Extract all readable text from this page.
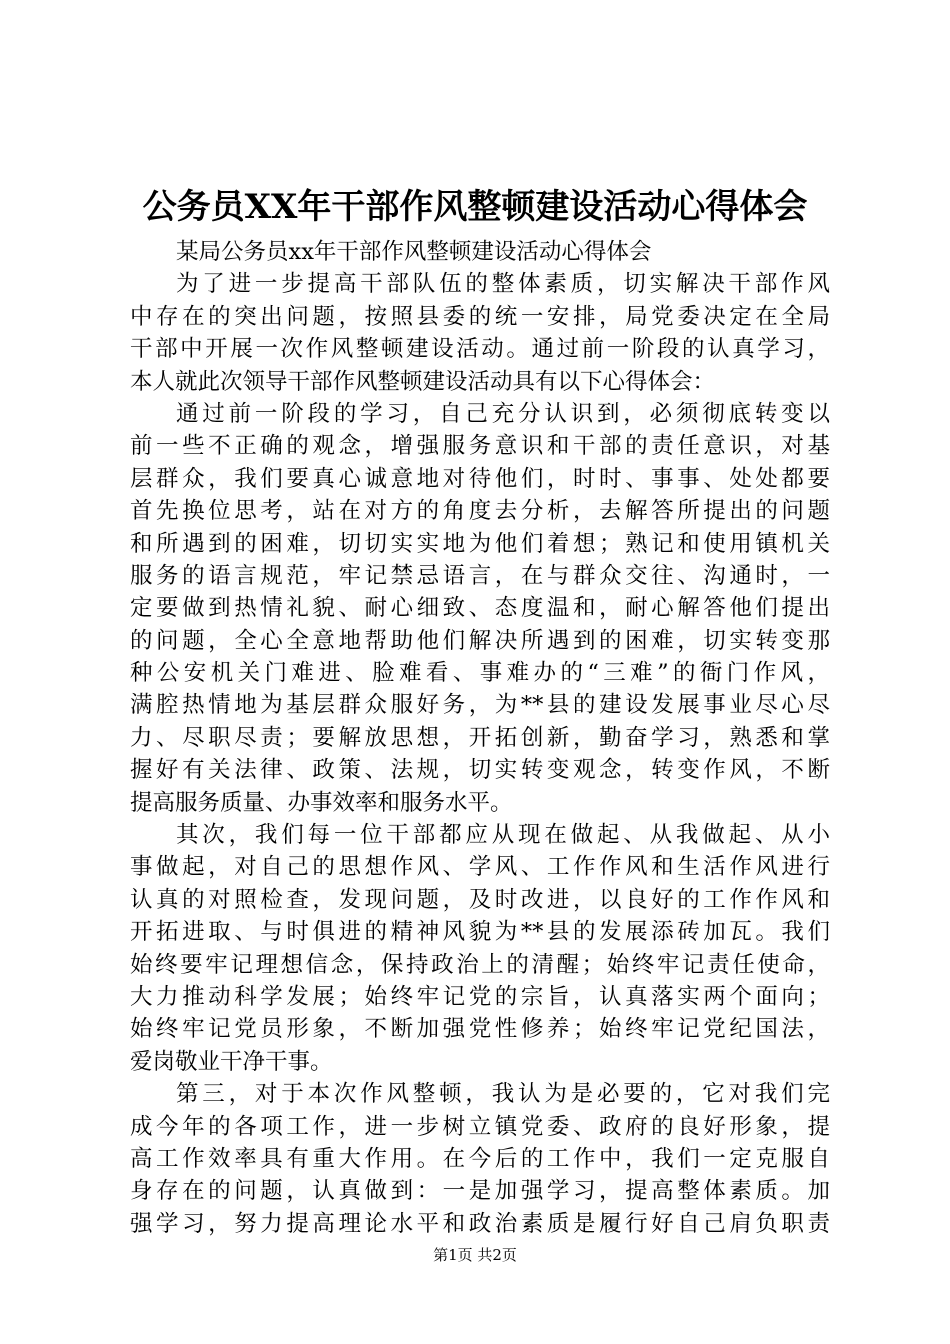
公务员XX年干部作风整顿建设活动心得体会
某局公务员xx年干部作风整顿建设活动心得体会
为了进一步提高干部队伍的整体素质，切实解决干部作风
中存在的突出问题，按照县委的统一安排，局党委决定在全局
干部中开展一次作风整顿建设活动。通过前一阶段的认真学习，
本人就此次领导干部作风整顿建设活动具有以下心得体会：
通过前一阶段的学习，自己充分认识到，必须彻底转变以
前一些不正确的观念，增强服务意识和干部的责任意识，对基
层群众，我们要真心诚意地对待他们，时时、事事、处处都要
首先换位思考，站在对方的角度去分析，去解答所提出的问题
和所遇到的困难，切切实实地为他们着想；熟记和使用镇机关
服务的语言规范，牢记禁忌语言，在与群众交往、沟通时，一
定要做到热情礼貌、耐心细致、态度温和，耐心解答他们提出
的问题，全心全意地帮助他们解决所遇到的困难，切实转变那
种公安机关门难进、脸难看、事难办的“三难”的衙门作风，
满腔热情地为基层群众服好务，为**县的建设发展事业尽心尽
力、尽职尽责；要解放思想，开拓创新，勤奋学习，熟悉和掌
握好有关法律、政策、法规，切实转变观念，转变作风，不断
提高服务质量、办事效率和服务水平。
其次，我们每一位干部都应从现在做起、从我做起、从小
事做起，对自己的思想作风、学风、工作作风和生活作风进行
认真的对照检查，发现问题，及时改进，以良好的工作作风和
开拓进取、与时俱进的精神风貌为**县的发展添砖加瓦。我们
始终要牢记理想信念，保持政治上的清醒；始终牢记责任使命，
大力推动科学发展；始终牢记党的宗旨，认真落实两个面向；
始终牢记党员形象，不断加强党性修养；始终牢记党纪国法，
爱岗敬业干净干事。
第三，对于本次作风整顿，我认为是必要的，它对我们完
成今年的各项工作，进一步树立镇党委、政府的良好形象，提
高工作效率具有重大作用。在今后的工作中，我们一定克服自
身存在的问题，认真做到：一是加强学习，提高整体素质。加
强学习，努力提高理论水平和政治素质是履行好自己肩负职责
第1页 共2页
